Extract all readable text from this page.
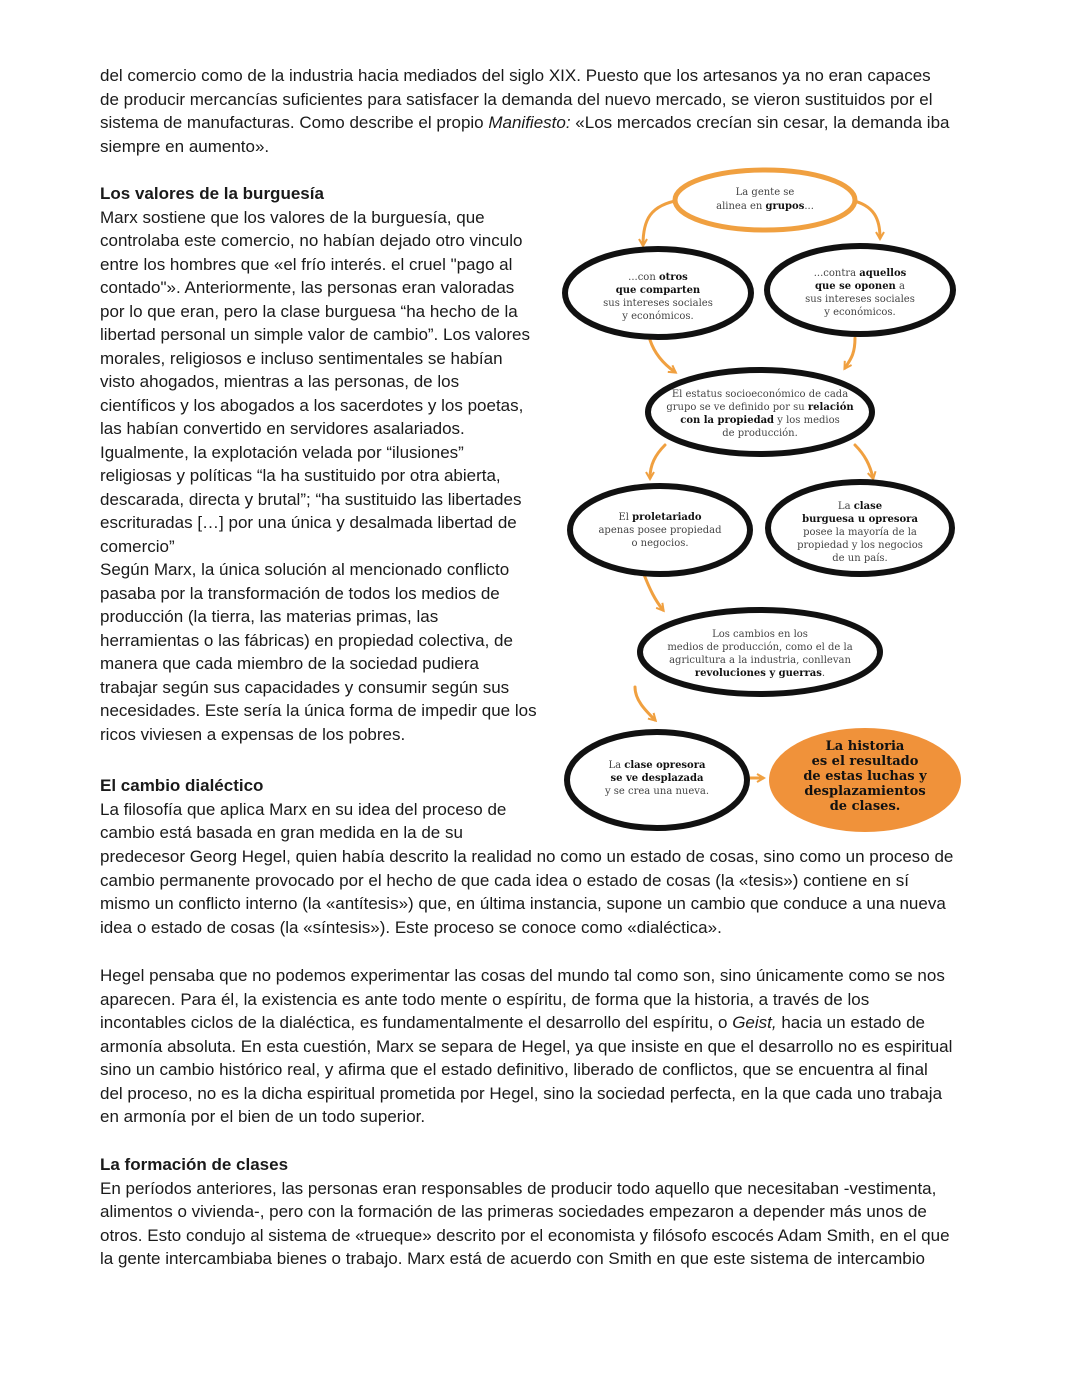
del comercio como de la industria hacia mediados del siglo XIX. Puesto que los artesanos ya no eran capaces
de producir mercancías suficientes para satisfacer la demanda del nuevo mercado, se vieron sustituidos por el
sistema de manufacturas. Como describe el propio Manifiesto: «Los mercados crecían sin cesar, la demanda iba
siempre en aumento».
Los valores de la burguesía
Marx sostiene que los valores de la burguesía, que
controlaba este comercio, no habían dejado otro vinculo
entre los hombres que «el frío interés. el cruel "pago al
contado"». Anteriormente, las personas eran valoradas
por lo que eran, pero la clase burguesa “ha hecho de la
libertad personal un simple valor de cambio”. Los valores
morales, religiosos e incluso sentimentales se habían
visto ahogados, mientras a las personas, de los
científicos y los abogados a los sacerdotes y los poetas,
las habían convertido en servidores asalariados.
Igualmente, la explotación velada por “ilusiones”
religiosas y políticas “la ha sustituido por otra abierta,
descarada, directa y brutal”; “ha sustituido las libertades
escrituradas […] por una única y desalmada libertad de
comercio”
Según Marx, la única solución al mencionado conflicto
pasaba por la transformación de todos los medios de
producción (la tierra, las materias primas, las
herramientas o las fábricas) en propiedad colectiva, de
manera que cada miembro de la sociedad pudiera
trabajar según sus capacidades y consumir según sus
necesidades. Este sería la única forma de impedir que los
ricos viviesen a expensas de los pobres.
El cambio dialéctico
La filosofía que aplica Marx en su idea del proceso de
cambio está basada en gran medida en la de su
predecesor Georg Hegel, quien había descrito la realidad no como un estado de cosas, sino como un proceso de
cambio permanente provocado por el hecho de que cada idea o estado de cosas (la «tesis») contiene en sí
mismo un conflicto interno (la «antítesis») que, en última instancia, supone un cambio que conduce a una nueva
idea o estado de cosas (la «síntesis»). Este proceso se conoce como «dialéctica».
Hegel pensaba que no podemos experimentar las cosas del mundo tal como son, sino únicamente como se nos
aparecen. Para él, la existencia es ante todo mente o espíritu, de forma que la historia, a través de los
incontables ciclos de la dialéctica, es fundamentalmente el desarrollo del espíritu, o Geist, hacia un estado de
armonía absoluta. En esta cuestión, Marx se separa de Hegel, ya que insiste en que el desarrollo no es espiritual
sino un cambio histórico real, y afirma que el estado definitivo, liberado de conflictos, que se encuentra al final
del proceso, no es la dicha espiritual prometida por Hegel, sino la sociedad perfecta, en la que cada uno trabaja
en armonía por el bien de un todo superior.
La formación de clases
En períodos anteriores, las personas eran responsables de producir todo aquello que necesitaban -vestimenta,
alimentos o vivienda-, pero con la formación de las primeras sociedades empezaron a depender más unos de
otros. Esto condujo al sistema de «trueque» descrito por el economista y filósofo escocés Adam Smith, en el que
la gente intercambiaba bienes o trabajo. Marx está de acuerdo con Smith en que este sistema de intercambio
La gente se
alinea en grupos...
...con otros
que comparten
sus intereses sociales
y económicos.
...contra aquellos
que se oponen a
sus intereses sociales
y económicos.
El estatus socioeconómico de cada
grupo se ve definido por su relación
con la propiedad y los medios
de producción.
El proletariado
apenas posee propiedad
o negocios.
La clase
burguesa u opresora
posee la mayoría de la
propiedad y los negocios
de un país.
Los cambios en los
medios de producción, como el de la
agricultura a la industria, conllevan
revoluciones y guerras.
La clase opresora
se ve desplazada
y se crea una nueva.
La historia
es el resultado
de estas luchas y
desplazamientos
de clases.
